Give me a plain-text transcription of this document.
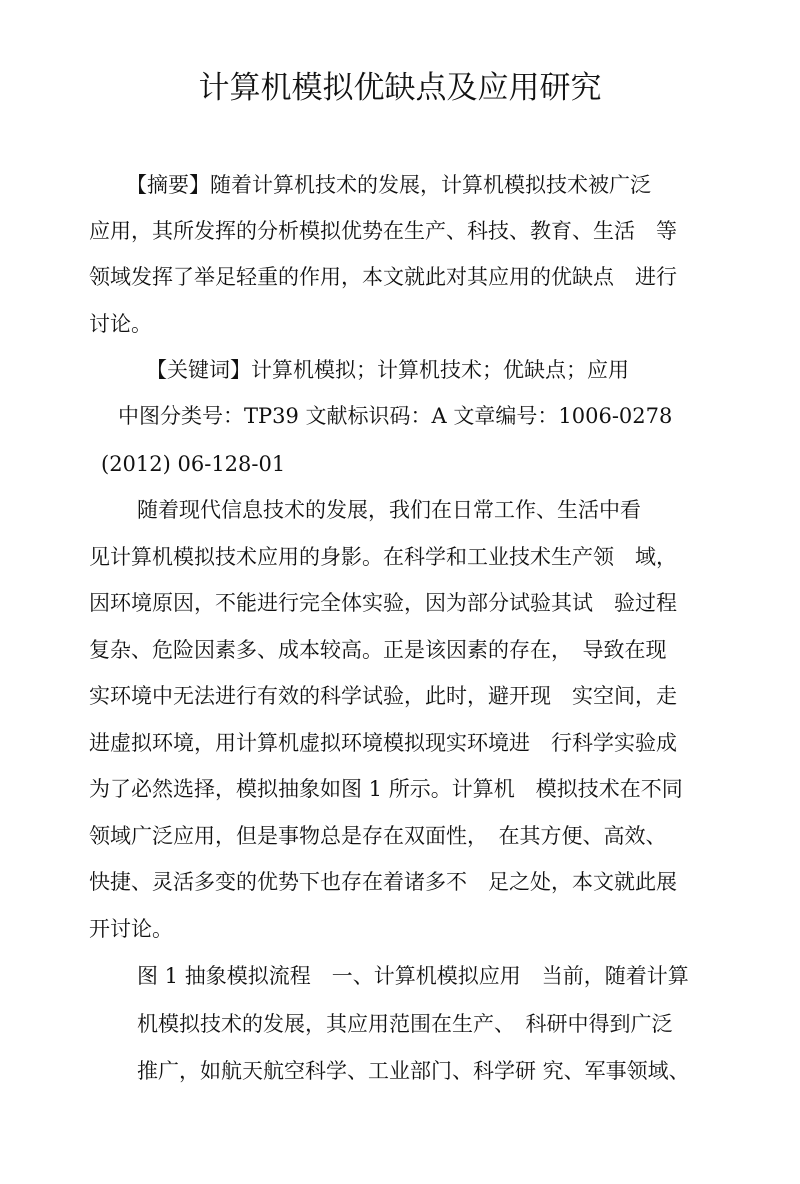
计算机模拟优缺点及应用研究
【摘要】随着计算机技术的发展，计算机模拟技术被广泛
应用，其所发挥的分析模拟优势在生产、科技、教育、生活　等
领域发挥了举足轻重的作用，本文就此对其应用的优缺点　进行
讨论。
【关键词】计算机模拟；计算机技术；优缺点；应用
中图分类号：TP39 文献标识码：A 文章编号：1006-0278
(2012) 06-128-01
随着现代信息技术的发展，我们在日常工作、生活中看
见计算机模拟技术应用的身影。在科学和工业技术生产领　域，
因环境原因，不能进行完全体实验，因为部分试验其试　验过程
复杂、危险因素多、成本较高。正是该因素的存在，　导致在现
实环境中无法进行有效的科学试验，此时，避开现　实空间，走
进虚拟环境，用计算机虚拟环境模拟现实环境进　行科学实验成
为了必然选择，模拟抽象如图 1 所示。计算机　模拟技术在不同
领域广泛应用，但是事物总是存在双面性，　在其方便、高效、
快捷、灵活多变的优势下也存在着诸多不　足之处，本文就此展
开讨论。
图 1 抽象模拟流程　一、计算机模拟应用　当前，随着计算
机模拟技术的发展，其应用范围在生产、　科研中得到广泛
推广，如航天航空科学、工业部门、科学研 究、军事领域、
